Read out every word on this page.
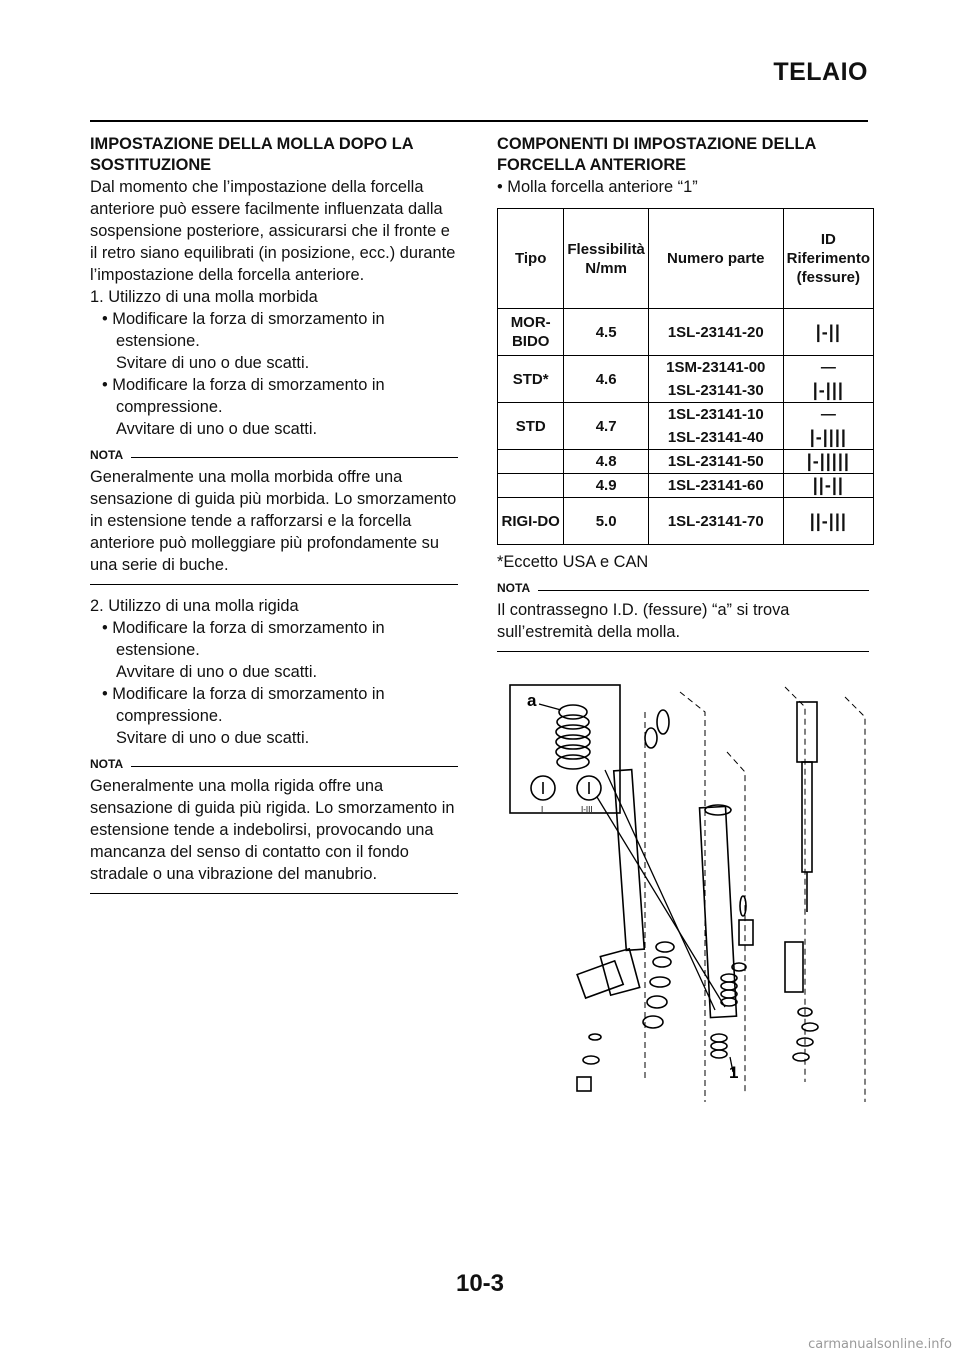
TELAIO

IMPOSTAZIONE DELLA MOLLA DOPO LA SOSTITUZIONE

Dal momento che l’impostazione della forcella anteriore può essere facilmente influenzata dalla sospensione posteriore, assicurarsi che il fronte e il retro siano equilibrati (in posizione, ecc.) durante l’impostazione della forcella anteriore.

1. Utilizzo di una molla morbida

• Modificare la forza di smorzamento in estensione.

Svitare di uno o due scatti.

• Modificare la forza di smorzamento in compressione.

Avvitare di uno o due scatti.

NOTA

Generalmente una molla morbida offre una sensazione di guida più morbida. Lo smorzamento in estensione tende a rafforzarsi e la forcella anteriore può molleggiare più profondamente su una serie di buche.

2. Utilizzo di una molla rigida

• Modificare la forza di smorzamento in estensione.

Avvitare di uno o due scatti.

• Modificare la forza di smorzamento in compressione.

Svitare di uno o due scatti.

NOTA

Generalmente una molla rigida offre una sensazione di guida più rigida. Lo smorzamento in estensione tende a indebolirsi, provocando una mancanza del senso di contatto con il fondo stradale o una vibrazione del manubrio.

COMPONENTI DI IMPOSTAZIONE DELLA FORCELLA ANTERIORE

• Molla forcella anteriore “1”

Tipo	Flessibilità N/mm	Numero parte	ID Riferimento (fessure)
MOR-BIDO	4.5	1SL-23141-20	|-||
STD*	4.6	1SM-23141-00	—
		1SL-23141-30	|-|||
STD	4.7	1SL-23141-10	—
		1SL-23141-40	|-||||
	4.8	1SL-23141-50	|-|||||
	4.9	1SL-23141-60	||-||
RIGI-DO	5.0	1SL-23141-70	||-|||

*Eccetto USA e CAN

NOTA

Il contrassegno I.D. (fessure) “a” si trova sull’estremità della molla.

a
1
I	I-III
10-3
carmanualsonline.info
